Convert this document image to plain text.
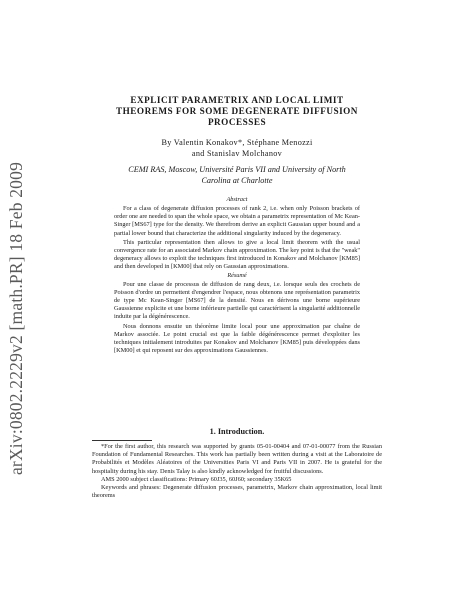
arXiv:0802.2229v2 [math.PR] 18 Feb 2009
EXPLICIT PARAMETRIX AND LOCAL LIMIT
THEOREMS FOR SOME DEGENERATE DIFFUSION
PROCESSES
By Valentin Konakov*, Stéphane Menozzi
and Stanislav Molchanov
CEMI RAS, Moscow, Université Paris VII and University of North
Carolina at Charlotte
Abstract

For a class of degenerate diffusion processes of rank 2, i.e. when only Poisson brackets of order one are needed to span the whole space, we obtain a parametrix representation of Mc Kean-Singer [MS67] type for the density. We therefrom derive an explicit Gaussian upper bound and a partial lower bound that characterize the additional singularity induced by the degeneracy.

This particular representation then allows to give a local limit theorem with the usual convergence rate for an associated Markov chain approximation. The key point is that the "weak" degeneracy allows to exploit the techniques first introduced in Konakov and Molchanov [KM85] and then developed in [KM00] that rely on Gaussian approximations.

Résumé

Pour une classe de processus de diffusion de rang deux, i.e. lorsque seuls des crochets de Poisson d'ordre un permettent d'engendrer l'espace, nous obtenons une représentation parametrix de type Mc Kean-Singer [MS67] de la densité. Nous en dérivons une borne supérieure Gaussienne explicite et une borne inférieure partielle qui caractérisent la singularité additionnelle induite par la dégénérescence.

Nous donnons ensuite un théorème limite local pour une approximation par chaîne de Markov associée. Le point crucial est que la faible dégénérescence permet d'exploiter les techniques initialement introduites par Konakov and Molchanov [KM85] puis développées dans [KM00] et qui reposent sur des approximations Gaussiennes.

1. Introduction.

*For the first author, this research was supported by grants 05-01-00404 and 07-01-00077 from the Russian Foundation of Fundamental Researches. This work has partially been written during a visit at the Laboratoire de Probabilités et Modèles Aléatoires of the Universities Paris VI and Paris VII in 2007. He is grateful for the hospitality during his stay. Denis Talay is also kindly acknowledged for fruitful discussions.

AMS 2000 subject classifications: Primary 60J35, 60J60; secondary 35K65

Keywords and phrases: Degenerate diffusion processes, parametrix, Markov chain approximation, local limit theorems
